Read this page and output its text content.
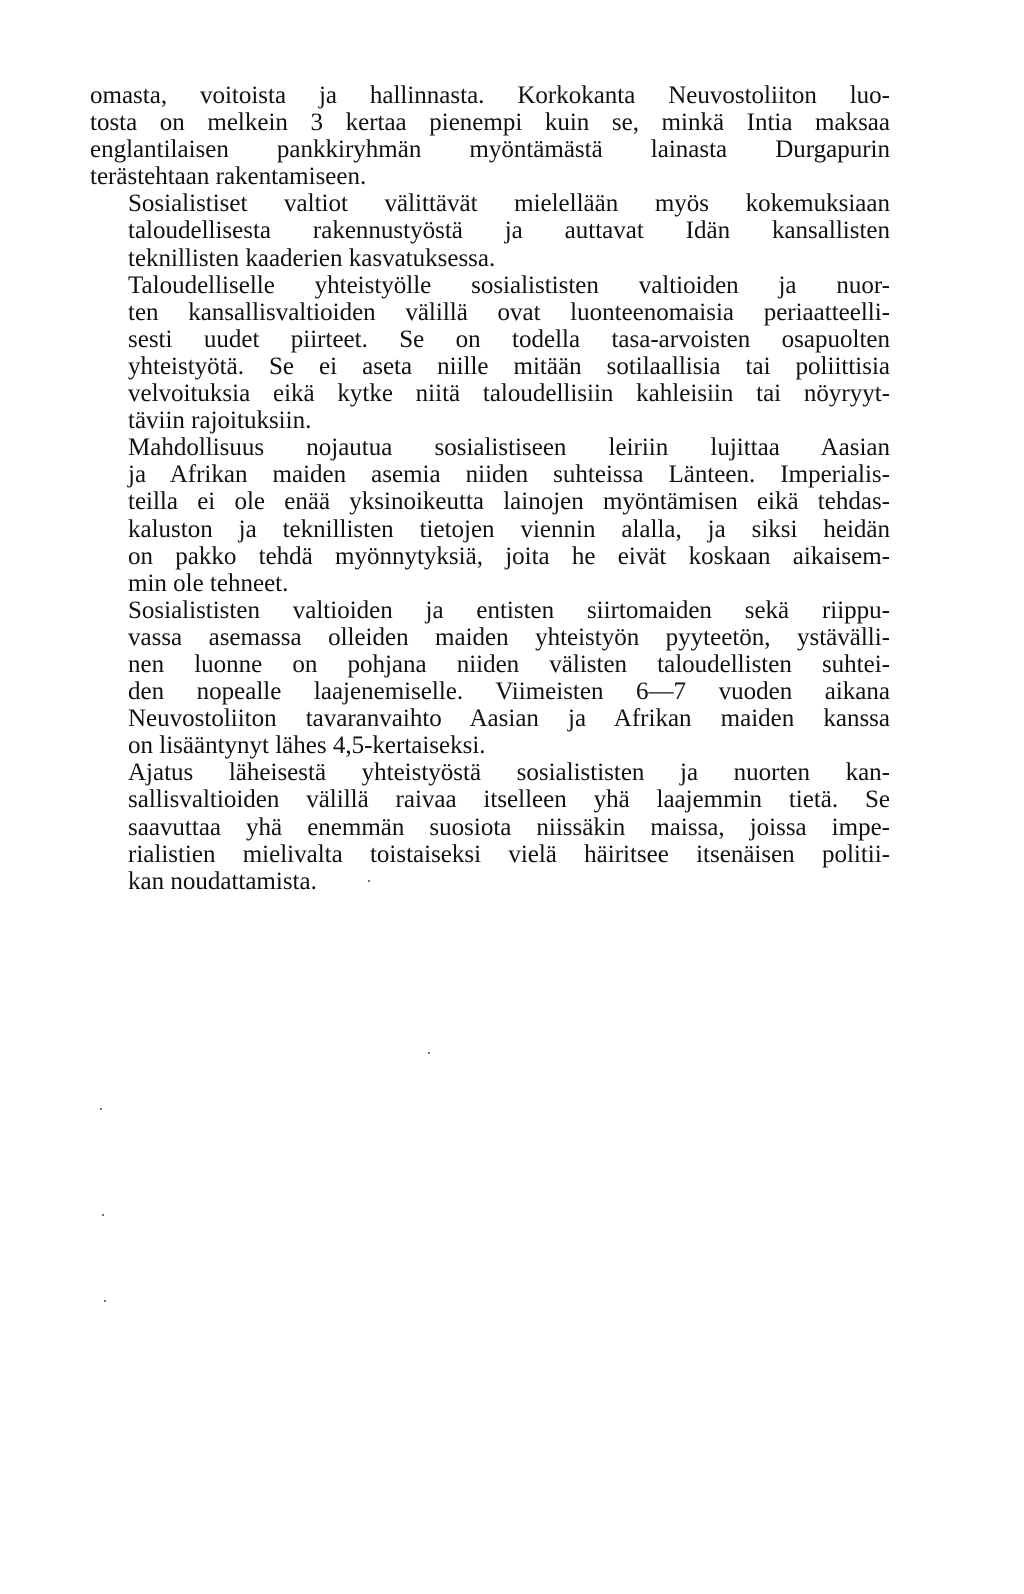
omasta, voitoista ja hallinnasta. Korkokanta Neuvostoliiton luo-
tosta on melkein 3 kertaa pienempi kuin se, minkä Intia maksaa
englantilaisen pankkiryhmän myöntämästä lainasta Durgapurin
terästehtaan rakentamiseen.

Sosialistiset valtiot välittävät mielellään myös kokemuksiaan
taloudellisesta rakennustyöstä ja auttavat Idän kansallisten
teknillisten kaaderien kasvatuksessa.

Taloudelliselle yhteistyölle sosialististen valtioiden ja nuor-
ten kansallisvaltioiden välillä ovat luonteenomaisia periaatteelli-
sesti uudet piirteet. Se on todella tasa-arvoisten osapuolten
yhteistyötä. Se ei aseta niille mitään sotilaallisia tai poliittisia
velvoituksia eikä kytke niitä taloudellisiin kahleisiin tai nöyryyt-
täviin rajoituksiin.

Mahdollisuus nojautua sosialistiseen leiriin lujittaa Aasian
ja Afrikan maiden asemia niiden suhteissa Länteen. Imperialis-
teilla ei ole enää yksinoikeutta lainojen myöntämisen eikä tehdas-
kaluston ja teknillisten tietojen viennin alalla, ja siksi heidän
on pakko tehdä myönnytyksiä, joita he eivät koskaan aikaisem-
min ole tehneet.

Sosialististen valtioiden ja entisten siirtomaiden sekä riippu-
vassa asemassa olleiden maiden yhteistyön pyyteetön, ystävälli-
nen luonne on pohjana niiden välisten taloudellisten suhtei-
den nopealle laajenemiselle. Viimeisten 6—7 vuoden aikana
Neuvostoliiton tavaranvaihto Aasian ja Afrikan maiden kanssa
on lisääntynyt lähes 4,5-kertaiseksi.

Ajatus läheisestä yhteistyöstä sosialististen ja nuorten kan-
sallisvaltioiden välillä raivaa itselleen yhä laajemmin tietä. Se
saavuttaa yhä enemmän suosiota niissäkin maissa, joissa impe-
rialistien mielivalta toistaiseksi vielä häiritsee itsenäisen politii-
kan noudattamista.
